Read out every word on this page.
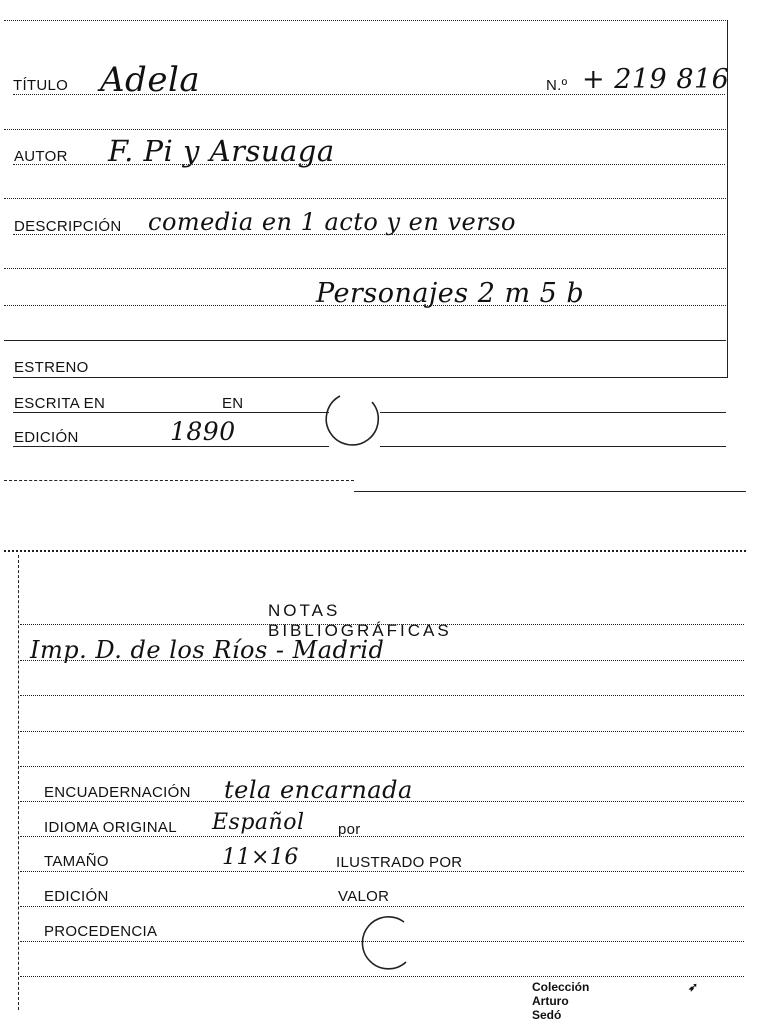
TÍTULO Adela	N.º + 219 816
AUTOR F. Pi y Arsuaga
DESCRIPCIÓN comedia en 1 acto y en verso
Personajes 2 m 5 b
ESTRENO
ESCRITA EN	EN
EDICIÓN	1890
NOTAS BIBLIOGRÁFICAS
Imp. D. de los Ríos - Madrid
ENCUADERNACIÓN tela encarnada
IDIOMA ORIGINAL Español por
TAMAÑO	11×16 ILUSTRADO POR
EDICIÓN	VALOR
PROCEDENCIA
Colección Arturo Sedó
➶
